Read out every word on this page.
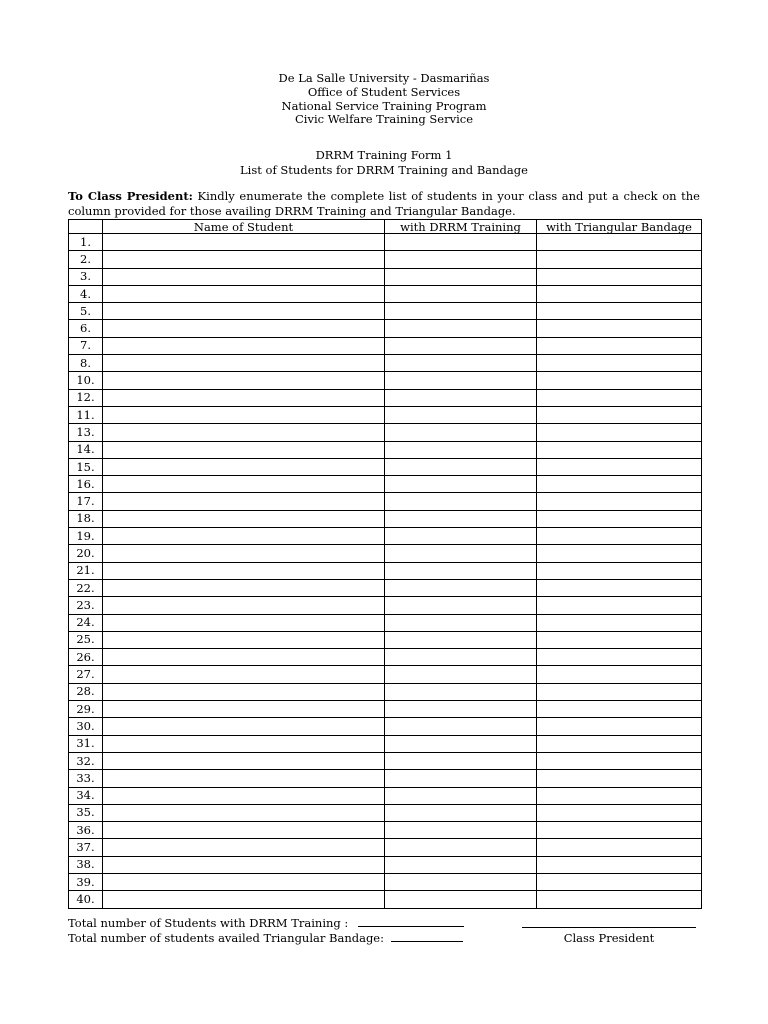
De La Salle University - Dasmariñas
Office of Student Services
National Service Training Program
Civic Welfare Training Service
DRRM Training Form 1
List of Students for DRRM Training and Bandage
To Class President: Kindly enumerate the complete list of students in your class and put a check on the
column provided for those availing DRRM Training and Triangular Bandage.
	Name of Student	with DRRM Training	with Triangular Bandage
1.			
2.			
3.			
4.			
5.			
6.			
7.			
8.			
10.			
12.			
11.			
13.			
14.			
15.			
16.			
17.			
18.			
19.			
20.			
21.			
22.			
23.			
24.			
25.			
26.			
27.			
28.			
29.			
30.			
31.			
32.			
33.			
34.			
35.			
36.			
37.			
38.			
39.			
40.			
Total number of Students with DRRM Training :
Total number of students availed Triangular Bandage:	Class President
